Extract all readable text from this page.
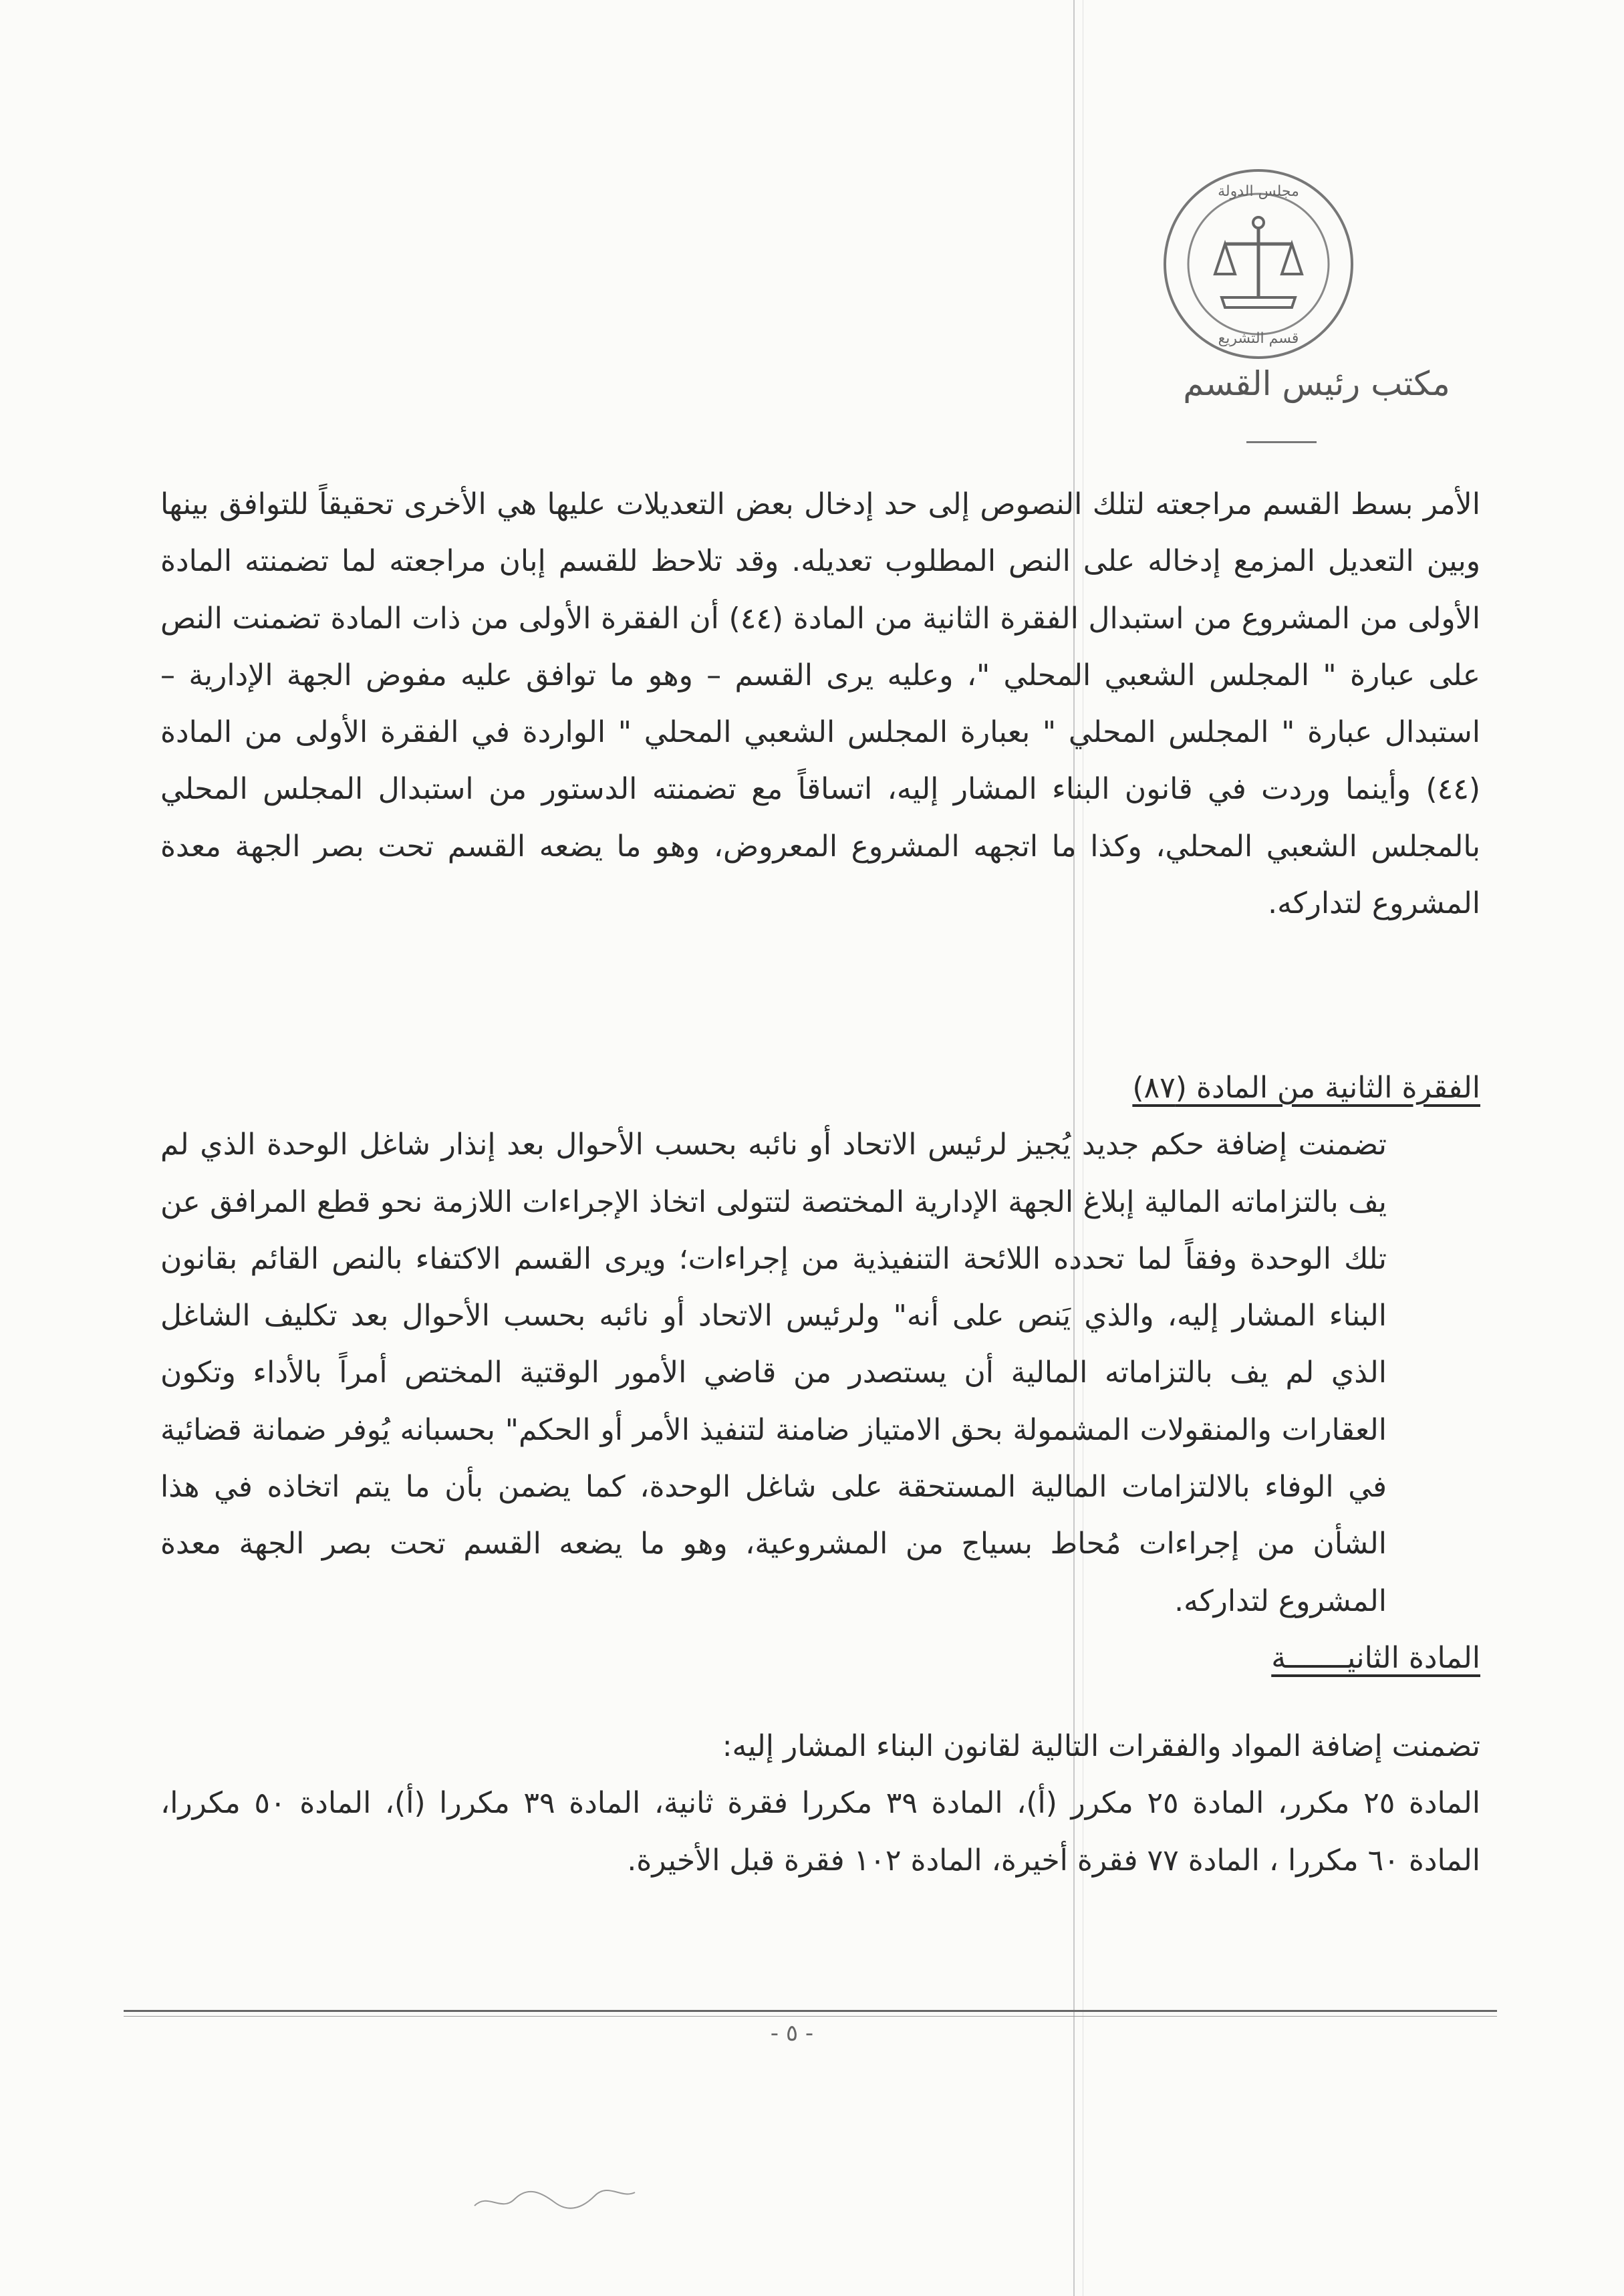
مجلس الدولة
قسم التشريع
مكتب رئيس القسم
الأمر بسط القسم مراجعته لتلك النصوص إلى حد إدخال بعض التعديلات عليها هي الأخرى تحقيقاً للتوافق بينها وبين التعديل المزمع إدخاله على النص المطلوب تعديله. وقد تلاحظ للقسم إبان مراجعته لما تضمنته المادة الأولى من المشروع من استبدال الفقرة الثانية من المادة (٤٤) أن الفقرة الأولى من ذات المادة تضمنت النص على عبارة " المجلس الشعبي المحلي "، وعليه يرى القسم – وهو ما توافق عليه مفوض الجهة الإدارية – استبدال عبارة " المجلس المحلي " بعبارة المجلس الشعبي المحلي " الواردة في الفقرة الأولى من المادة (٤٤) وأينما وردت في قانون البناء المشار إليه، اتساقاً مع تضمنته الدستور من استبدال المجلس المحلي بالمجلس الشعبي المحلي، وكذا ما اتجهه المشروع المعروض، وهو ما يضعه القسم تحت بصر الجهة معدة المشروع لتداركه.
الفقرة الثانية من المادة (٨٧)
تضمنت إضافة حكم جديد يُجيز لرئيس الاتحاد أو نائبه بحسب الأحوال بعد إنذار شاغل الوحدة الذي لم يف بالتزاماته المالية إبلاغ الجهة الإدارية المختصة لتتولى اتخاذ الإجراءات اللازمة نحو قطع المرافق عن تلك الوحدة وفقاً لما تحدده اللائحة التنفيذية من إجراءات؛ ويرى القسم الاكتفاء بالنص القائم بقانون البناء المشار إليه، والذي يَنص على أنه" ولرئيس الاتحاد أو نائبه بحسب الأحوال بعد تكليف الشاغل الذي لم يف بالتزاماته المالية أن يستصدر من قاضي الأمور الوقتية المختص أمراً بالأداء وتكون العقارات والمنقولات المشمولة بحق الامتياز ضامنة لتنفيذ الأمر أو الحكم" بحسبانه يُوفر ضمانة قضائية في الوفاء بالالتزامات المالية المستحقة على شاغل الوحدة، كما يضمن بأن ما يتم اتخاذه في هذا الشأن من إجراءات مُحاط بسياج من المشروعية، وهو ما يضعه القسم تحت بصر الجهة معدة المشروع لتداركه.
المادة الثانيـــــــة
تضمنت إضافة المواد والفقرات التالية لقانون البناء المشار إليه:
المادة ٢٥ مكرر، المادة ٢٥ مكرر (أ)، المادة ٣٩ مكررا فقرة ثانية، المادة ٣٩ مكررا (أ)، المادة ٥٠ مكررا، المادة ٦٠ مكررا ، المادة ٧٧ فقرة أخيرة، المادة ١٠٢ فقرة قبل الأخيرة.
- ٥ -
